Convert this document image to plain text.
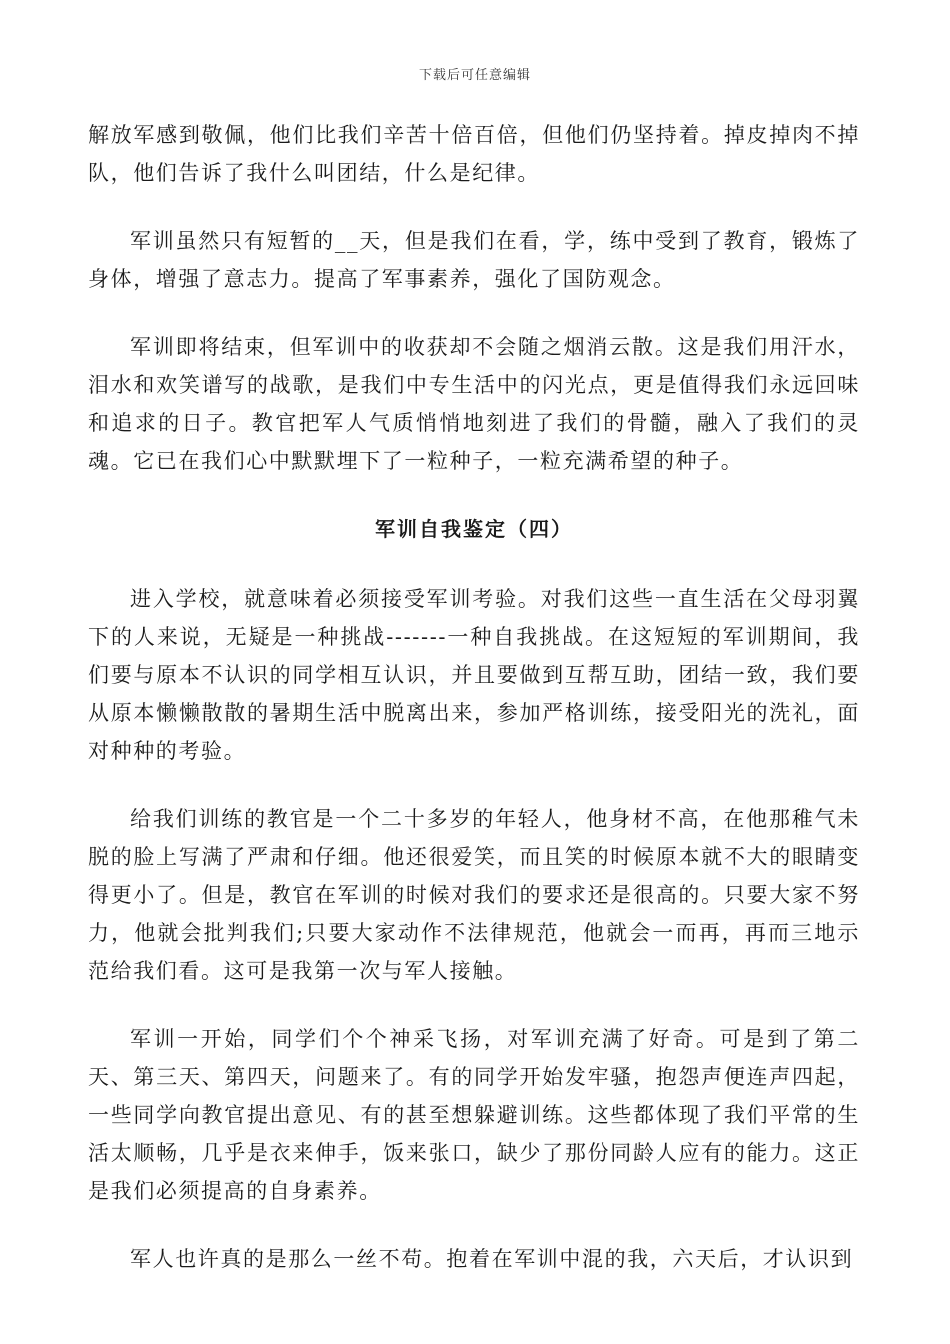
下载后可任意编辑

解放军感到敬佩，他们比我们辛苦十倍百倍，但他们仍坚持着。掉皮掉肉不掉队，他们告诉了我什么叫团结，什么是纪律。

军训虽然只有短暂的__天，但是我们在看，学，练中受到了教育，锻炼了身体，增强了意志力。提高了军事素养，强化了国防观念。

军训即将结束，但军训中的收获却不会随之烟消云散。这是我们用汗水，泪水和欢笑谱写的战歌，是我们中专生活中的闪光点，更是值得我们永远回味和追求的日子。教官把军人气质悄悄地刻进了我们的骨髓，融入了我们的灵魂。它已在我们心中默默埋下了一粒种子，一粒充满希望的种子。

军训自我鉴定（四）

进入学校，就意味着必须接受军训考验。对我们这些一直生活在父母羽翼下的人来说，无疑是一种挑战-------一种自我挑战。在这短短的军训期间，我们要与原本不认识的同学相互认识，并且要做到互帮互助，团结一致，我们要从原本懒懒散散的暑期生活中脱离出来，参加严格训练，接受阳光的洗礼，面对种种的考验。

给我们训练的教官是一个二十多岁的年轻人，他身材不高，在他那稚气未脱的脸上写满了严肃和仔细。他还很爱笑，而且笑的时候原本就不大的眼睛变得更小了。但是，教官在军训的时候对我们的要求还是很高的。只要大家不努力，他就会批判我们;只要大家动作不法律规范，他就会一而再，再而三地示范给我们看。这可是我第一次与军人接触。

军训一开始，同学们个个神采飞扬，对军训充满了好奇。可是到了第二天、第三天、第四天，问题来了。有的同学开始发牢骚，抱怨声便连声四起，一些同学向教官提出意见、有的甚至想躲避训练。这些都体现了我们平常的生活太顺畅，几乎是衣来伸手，饭来张口，缺少了那份同龄人应有的能力。这正是我们必须提高的自身素养。

军人也许真的是那么一丝不苟。抱着在军训中混的我，六天后，才认识到
